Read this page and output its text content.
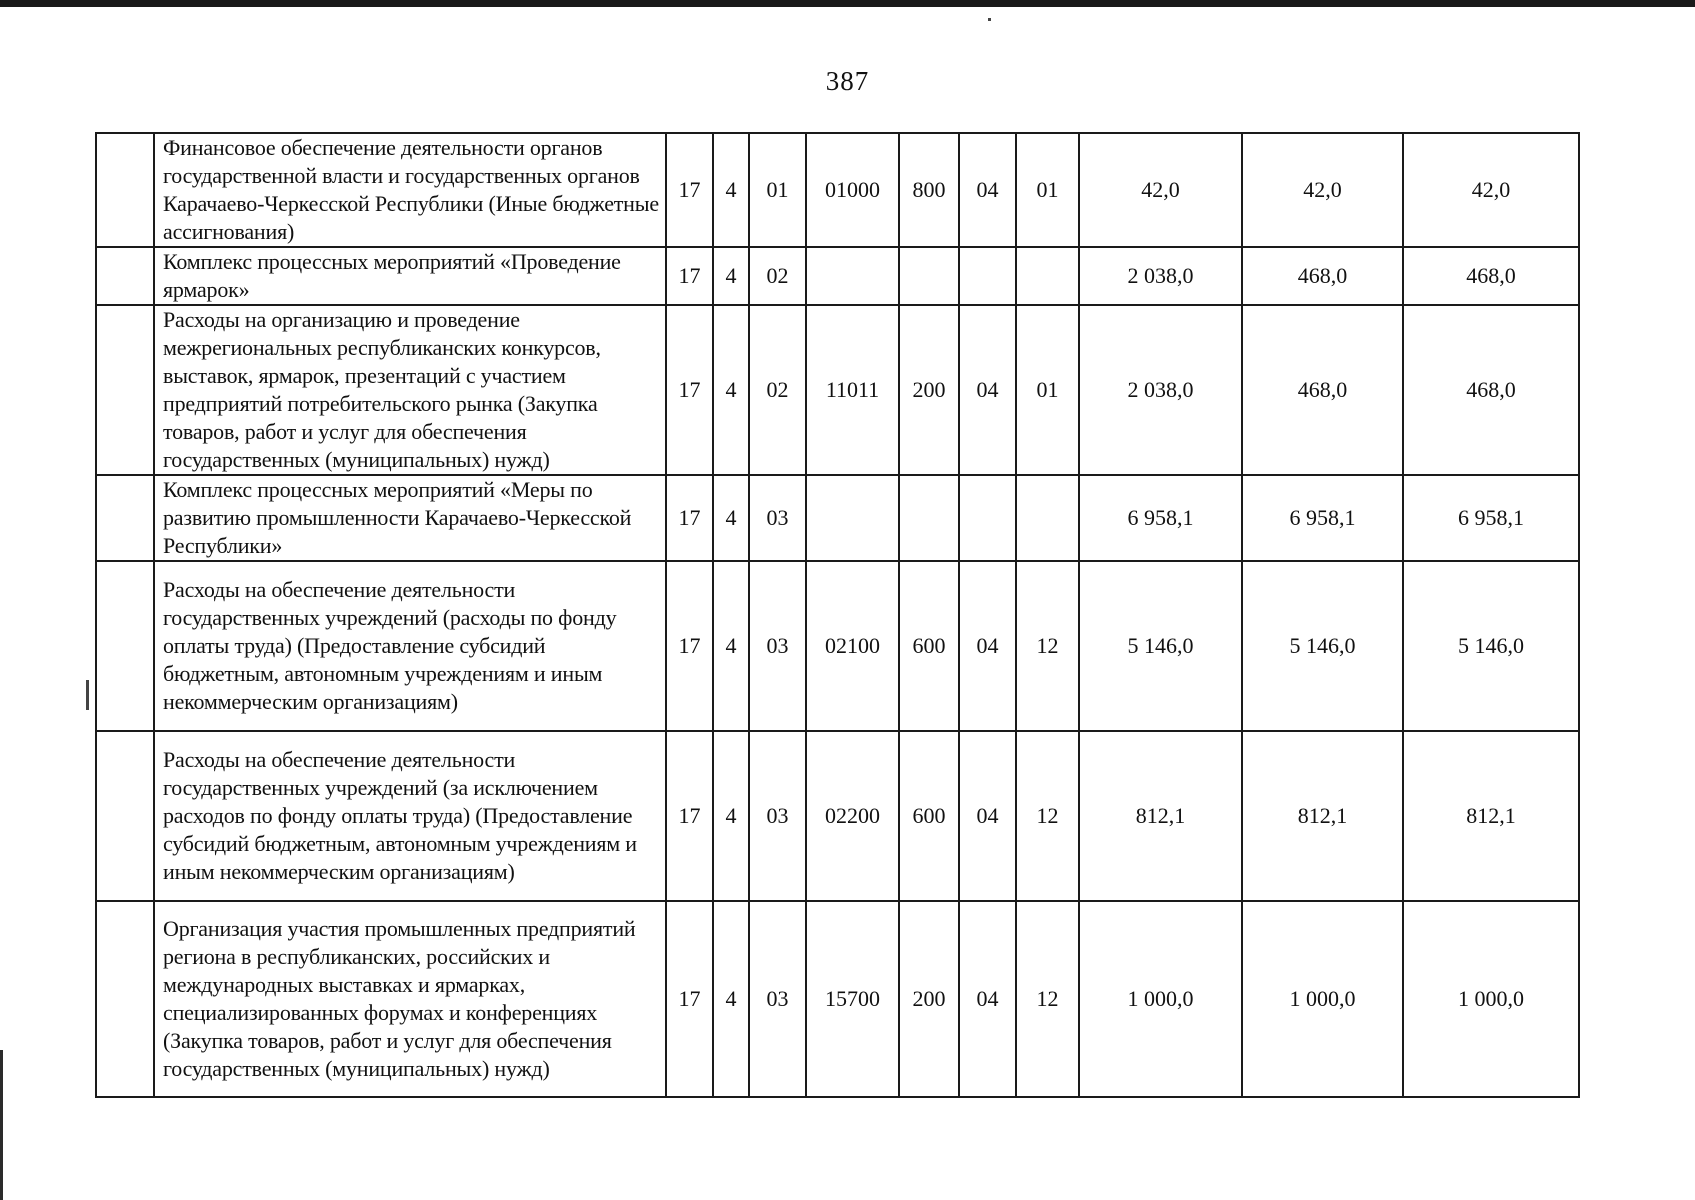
387
	Финансовое обеспечение деятельности органов государственной власти и государственных органов Карачаево-Черкесской Республики (Иные бюджетные ассигнования)	17	4	01	01000	800	04	01	42,0	42,0	42,0
	Комплекс процессных мероприятий «Проведение ярмарок»	17	4	02					2 038,0	468,0	468,0
	Расходы на организацию и проведение межрегиональных республиканских конкурсов, выставок, ярмарок, презентаций с участием предприятий потребительского рынка (Закупка товаров, работ и услуг для обеспечения государственных (муниципальных) нужд)	17	4	02	11011	200	04	01	2 038,0	468,0	468,0
	Комплекс процессных мероприятий «Меры по развитию промышленности Карачаево-Черкесской Республики»	17	4	03					6 958,1	6 958,1	6 958,1
	Расходы на обеспечение деятельности государственных учреждений (расходы по фонду оплаты труда) (Предоставление субсидий бюджетным, автономным учреждениям и иным некоммерческим организациям)	17	4	03	02100	600	04	12	5 146,0	5 146,0	5 146,0
	Расходы на обеспечение деятельности государственных учреждений (за исключением расходов по фонду оплаты труда) (Предоставление субсидий бюджетным, автономным учреждениям и иным некоммерческим организациям)	17	4	03	02200	600	04	12	812,1	812,1	812,1
	Организация участия промышленных предприятий региона в республиканских, российских и международных выставках и ярмарках, специализированных форумах и конференциях (Закупка товаров, работ и услуг для обеспечения государственных (муниципальных) нужд)	17	4	03	15700	200	04	12	1 000,0	1 000,0	1 000,0
